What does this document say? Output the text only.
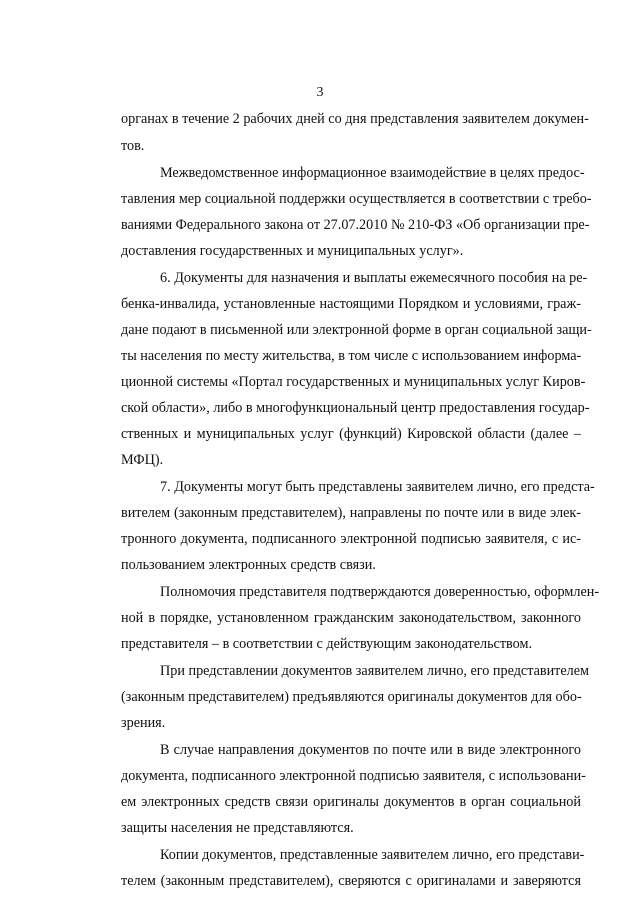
3
органах в течение 2 рабочих дней со дня представления заявителем докумен-
тов.
Межведомственное информационное взаимодействие в целях предос-
тавления мер социальной поддержки осуществляется в соответствии с требо-
ваниями Федерального закона от 27.07.2010 № 210-ФЗ «Об организации пре-
доставления государственных и муниципальных услуг».
6. Документы для назначения и выплаты ежемесячного пособия на ре-
бенка-инвалида, установленные настоящими Порядком и условиями, граж-
дане подают в письменной или электронной форме в орган социальной защи-
ты населения по месту жительства, в том числе с использованием информа-
ционной системы «Портал государственных и муниципальных услуг Киров-
ской области», либо в многофункциональный центр предоставления государ-
ственных и муниципальных услуг (функций) Кировской области (далее –
МФЦ).
7. Документы могут быть представлены заявителем лично, его предста-
вителем (законным представителем), направлены по почте или в виде элек-
тронного документа, подписанного электронной подписью заявителя, с ис-
пользованием электронных средств связи.
Полномочия представителя подтверждаются доверенностью, оформлен-
ной в порядке, установленном гражданским законодательством, законного
представителя – в соответствии с действующим законодательством.
При представлении документов заявителем лично, его представителем
(законным представителем) предъявляются оригиналы документов для обо-
зрения.
В случае направления документов по почте или в виде электронного
документа, подписанного электронной подписью заявителя, с использовани-
ем электронных средств связи оригиналы документов в орган социальной
защиты населения не представляются.
Копии документов, представленные заявителем лично, его представи-
телем (законным представителем), сверяются с оригиналами и заверяются
